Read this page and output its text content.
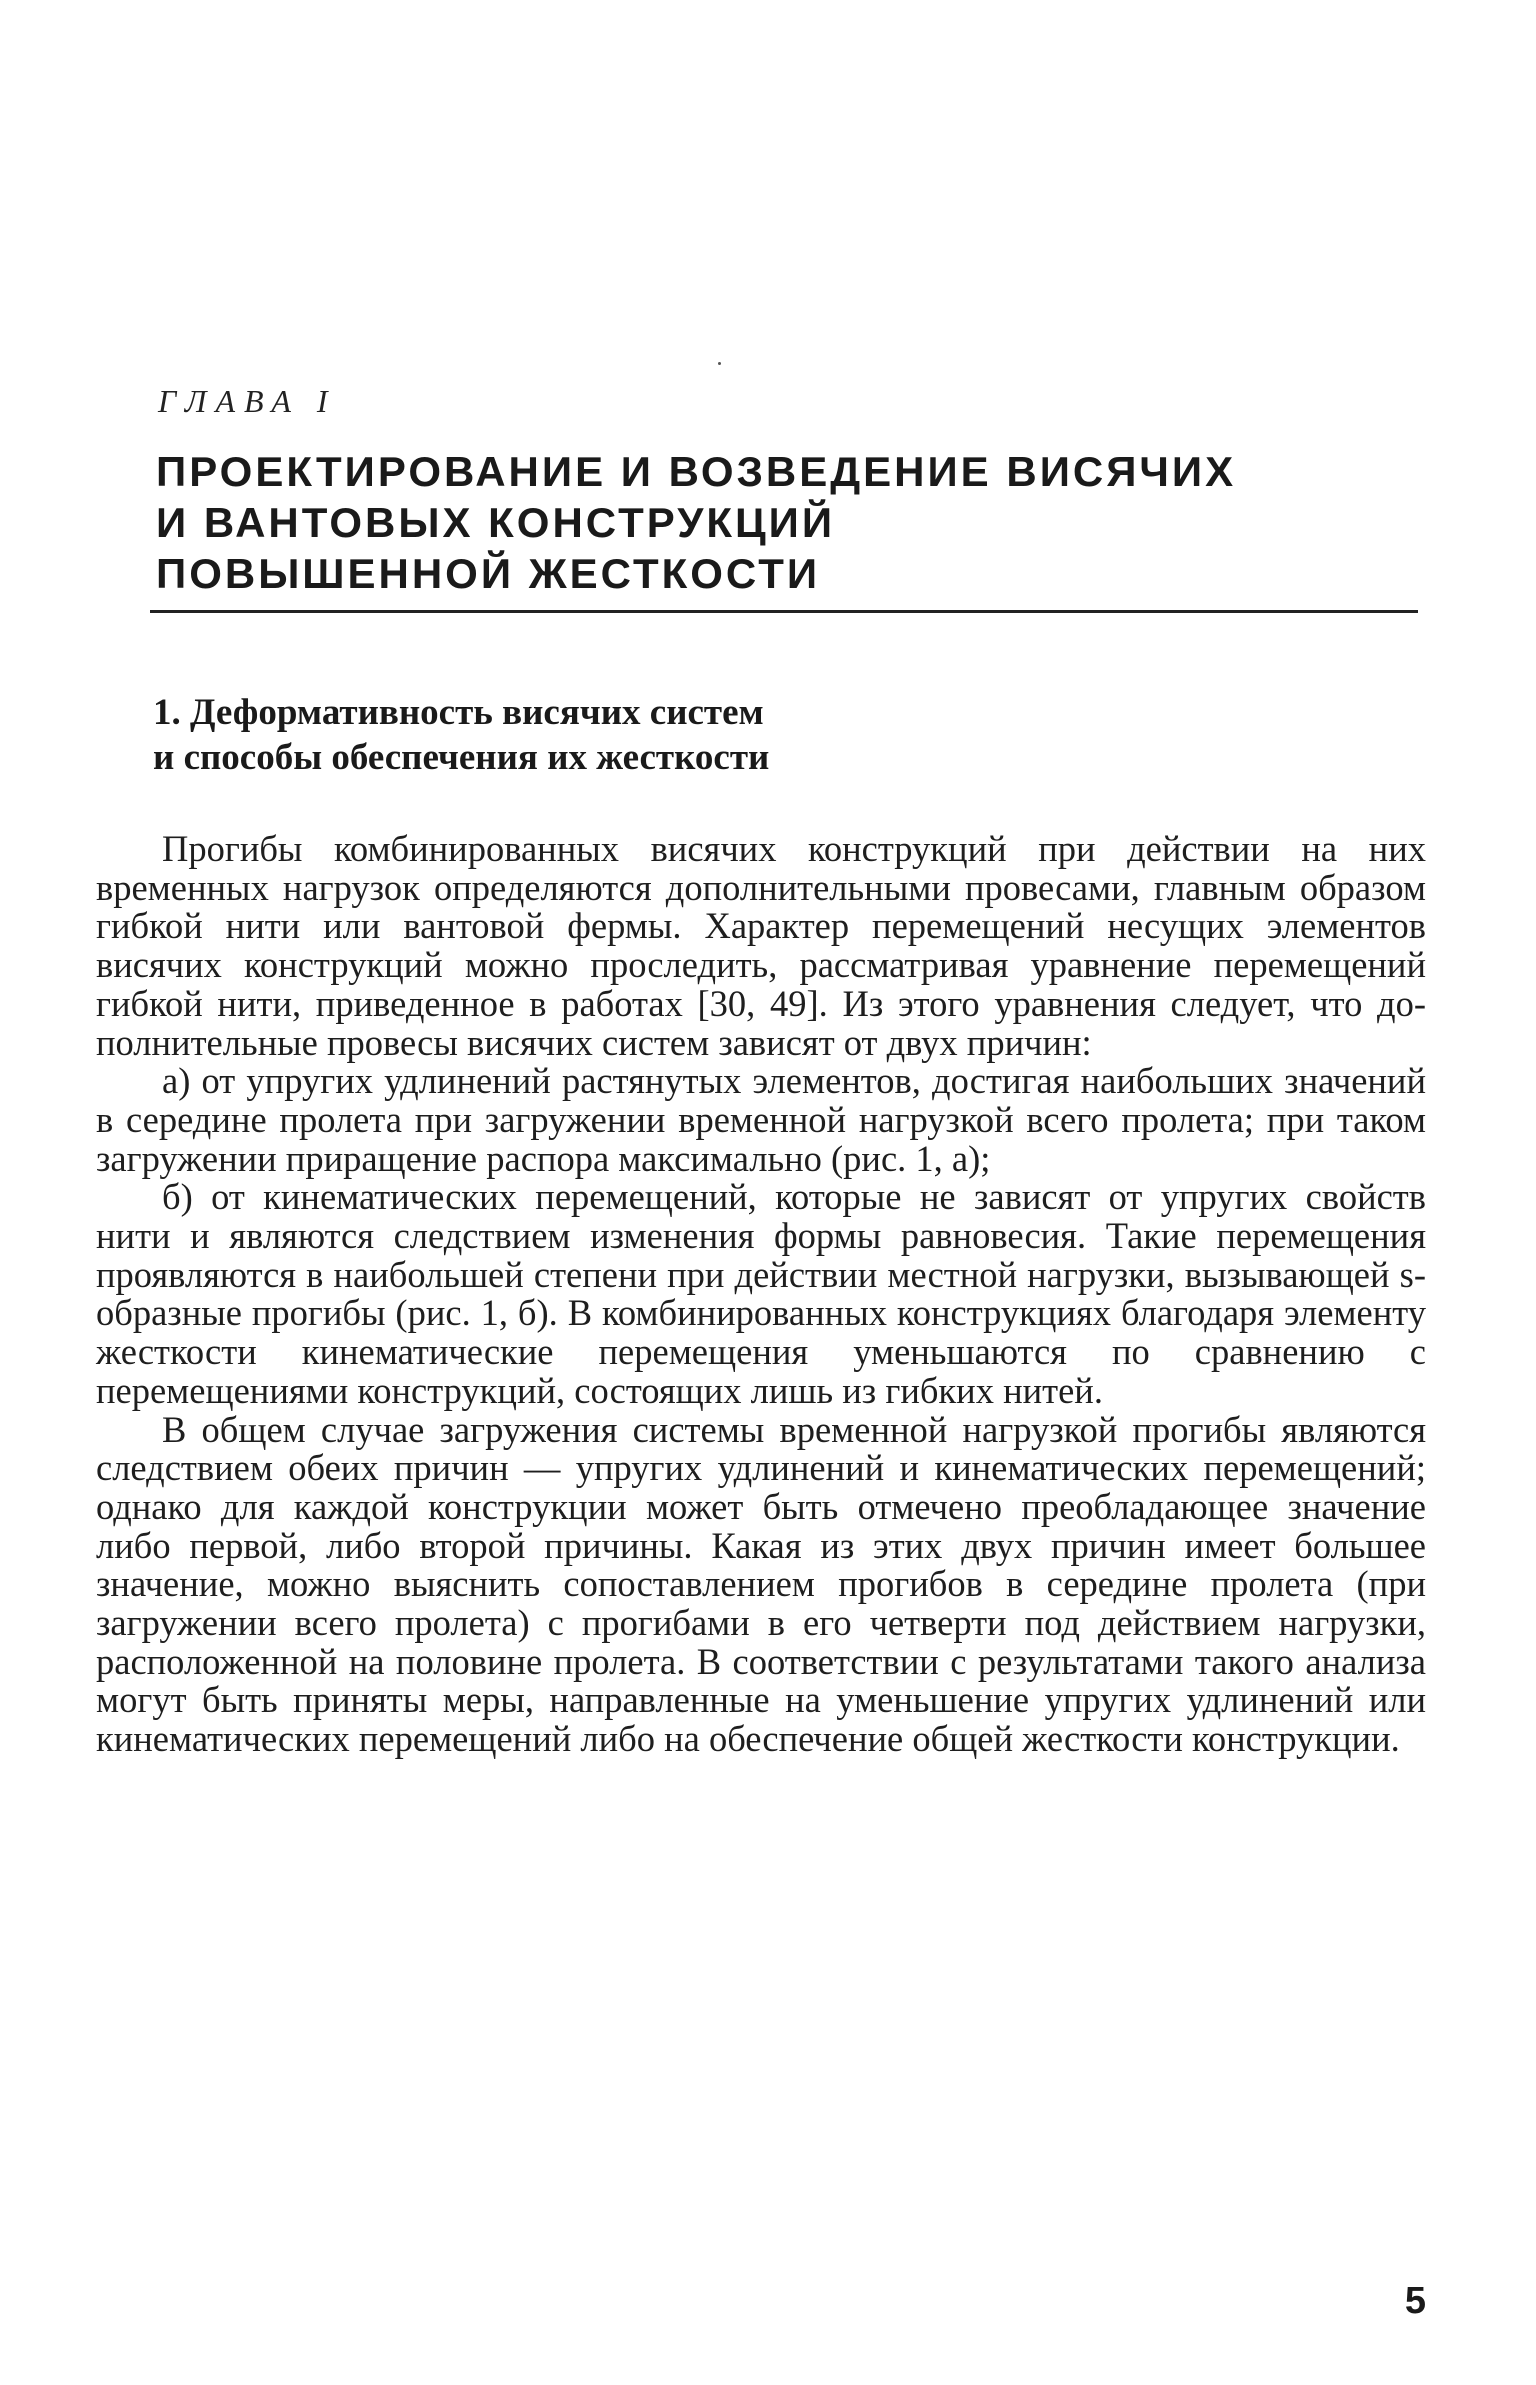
ГЛАВА I
ПРОЕКТИРОВАНИЕ И ВОЗВЕДЕНИЕ ВИСЯЧИХ
И ВАНТОВЫХ КОНСТРУКЦИЙ
ПОВЫШЕННОЙ ЖЕСТКОСТИ
1. Деформативность висячих систем
и способы обеспечения их жесткости

Прогибы комбинированных висячих конструкций при действии на них временных нагрузок определяются дополнительными провесами, главным образом гибкой нити или вантовой фермы. Характер перемещений несущих элементов висячих конструкций можно проследить, рассматривая уравнение перемещений гибкой нити, приведенное в работах [30, 49]. Из этого уравнения следует, что дополнительные провесы висячих систем зависят от двух причин:

а) от упругих удлинений растянутых элементов, достигая наибольших значений в середине пролета при загружении временной нагрузкой всего пролета; при таком загружении приращение распора максимально (рис. 1, а);

б) от кинематических перемещений, которые не зависят от упругих свойств нити и являются следствием изменения формы равновесия. Такие перемещения проявляются в наибольшей степени при действии местной нагрузки, вызывающей s-образные прогибы (рис. 1, б). В комбинированных конструкциях благодаря элементу жесткости кинематические перемещения уменьшаются по сравнению с перемещениями конструкций, состоящих лишь из гибких нитей.

В общем случае загружения системы временной нагрузкой прогибы являются следствием обеих причин — упругих удлинений и кинематических перемещений; однако для каждой конструкции может быть отмечено преобладающее значение либо первой, либо второй причины. Какая из этих двух причин имеет большее значение, можно выяснить сопоставлением прогибов в середине пролета (при загружении всего пролета) с прогибами в его четверти под действием нагрузки, расположенной на половине пролета. В соответствии с результатами такого анализа могут быть приняты меры, направленные на уменьшение упругих удлинений или кинематических перемещений либо на обеспечение общей жесткости конструкции.

5
